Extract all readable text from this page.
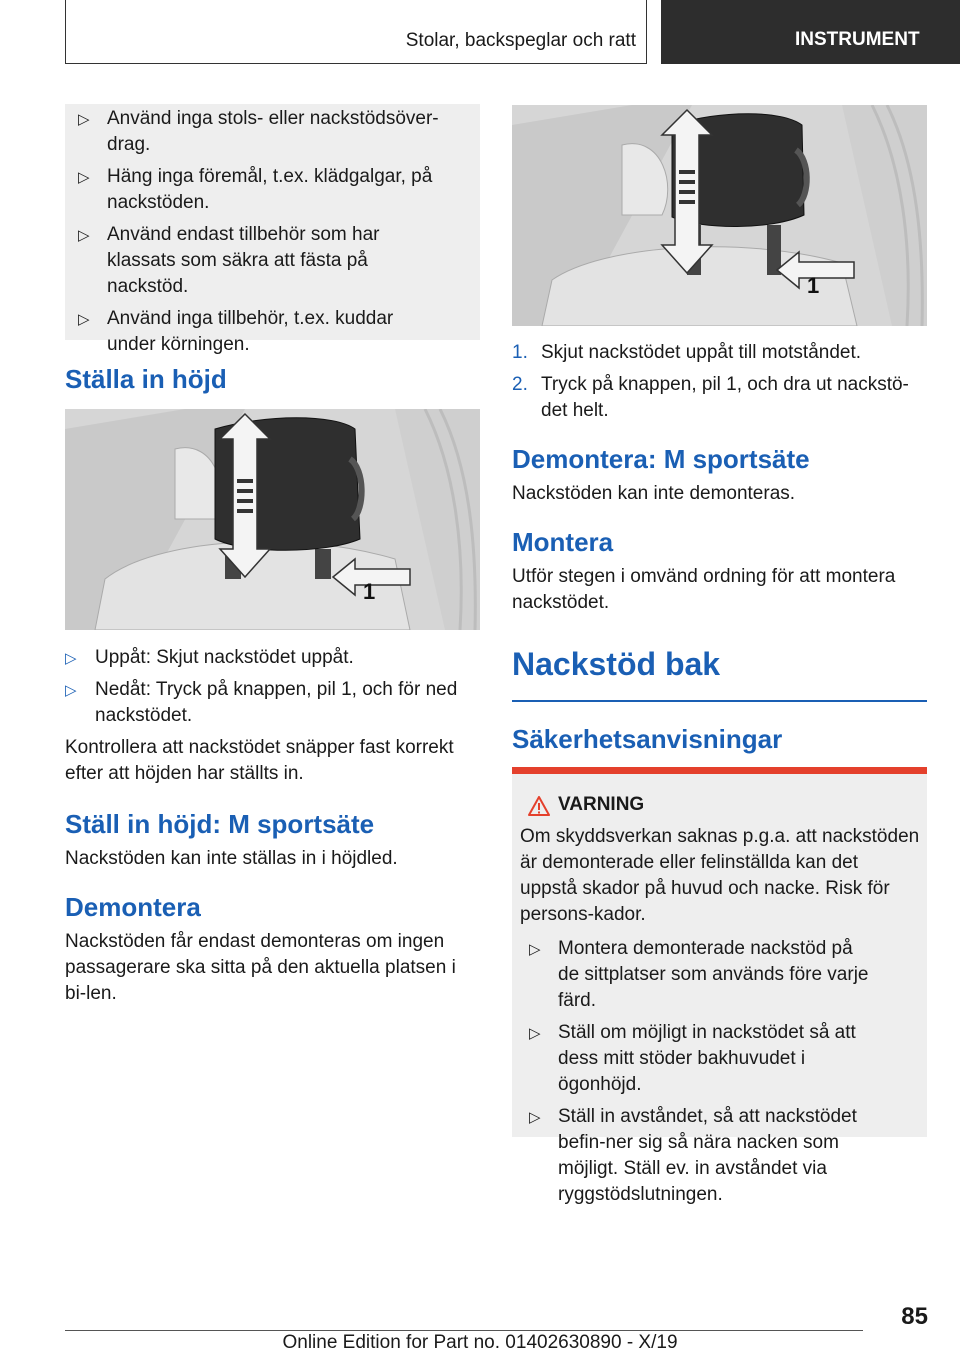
Stolar, backspeglar och ratt	INSTRUMENT
▷ Använd inga stols- eller nackstödsöver-drag.
▷ Häng inga föremål, t.ex. klädgalgar, på nackstöden.
▷ Använd endast tillbehör som har klassats som säkra att fästa på nackstöd.
▷ Använd inga tillbehör, t.ex. kuddar under körningen.
Ställa in höjd
1
▷ Uppåt: Skjut nackstödet uppåt.
▷ Nedåt: Tryck på knappen, pil 1, och för ned nackstödet.

Kontrollera att nackstödet snäpper fast korrekt efter att höjden har ställts in.

Ställ in höjd: M sportsäte

Nackstöden kan inte ställas in i höjdled.

Demontera

Nackstöden får endast demonteras om ingen passagerare ska sitta på den aktuella platsen i bi-len.

1
1. Skjut nackstödet uppåt till motståndet.
2. Tryck på knappen, pil 1, och dra ut nackstö-det helt.
Demontera: M sportsäte

Nackstöden kan inte demonteras.

Montera

Utför stegen i omvänd ordning för att montera nackstödet.

Nackstöd bak
Säkerhetsanvisningar
VARNING

Om skyddsverkan saknas p.g.a. att nackstöden är demonterade eller felinställda kan det uppstå skador på huvud och nacke. Risk för persons-kador.

▷ Montera demonterade nackstöd på de sittplatser som används före varje färd.
▷ Ställ om möjligt in nackstödet så att dess mitt stöder bakhuvudet i ögonhöjd.
▷ Ställ in avståndet, så att nackstödet befin-ner sig så nära nacken som möjligt. Ställ ev. in avståndet via ryggstödslutningen.
85
Online Edition for Part no. 01402630890 - X/19
